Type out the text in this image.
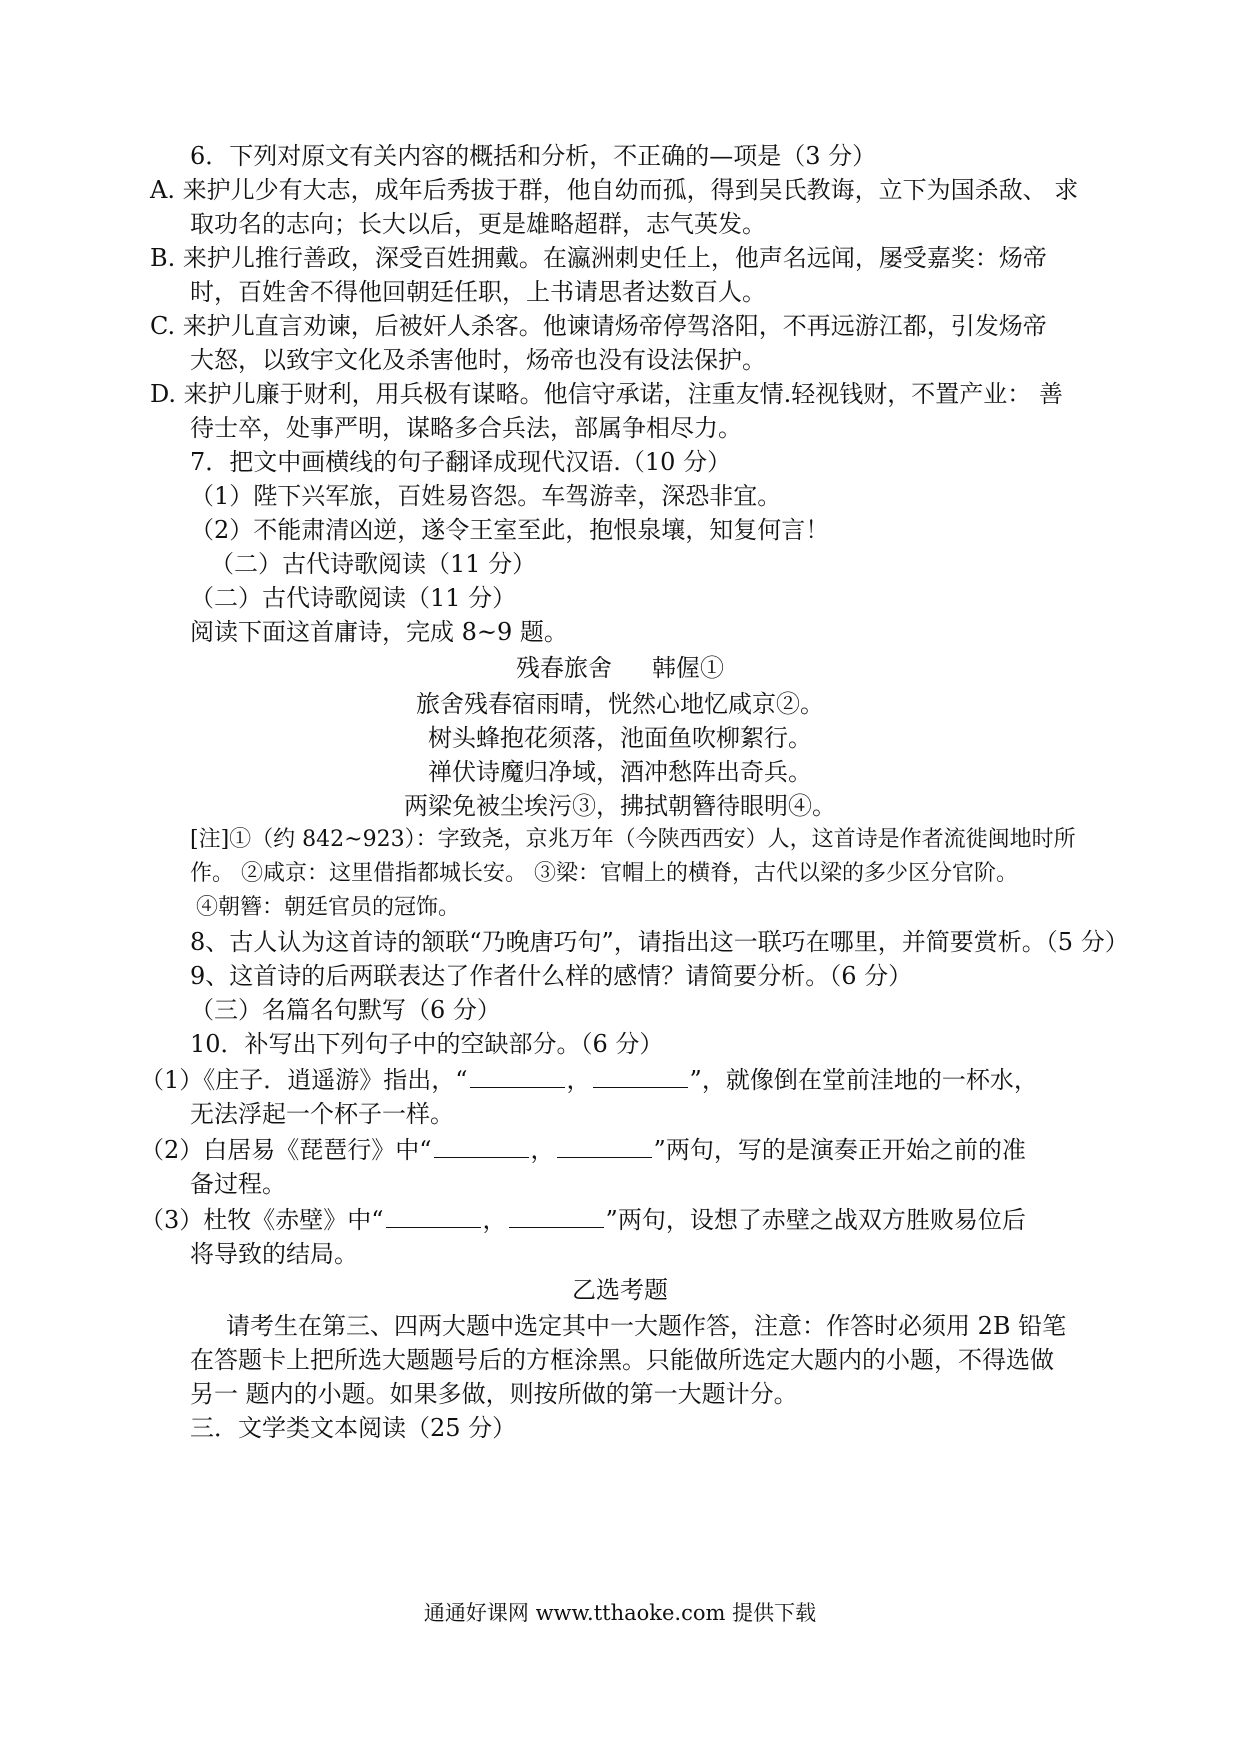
6．下列对原文有关内容的概括和分析，不正确的—项是（3 分）
A. 来护儿少有大志，成年后秀拔于群，他自幼而孤，得到吴氏教诲，立下为国杀敌、 求
取功名的志向；长大以后，更是雄略超群，志气英发。
B. 来护儿推行善政，深受百姓拥戴。在瀛洲刺史任上，他声名远闻，屡受嘉奖：炀帝
时，百姓舍不得他回朝廷任职，上书请思者达数百人。
C. 来护儿直言劝谏，后被奸人杀客。他谏请炀帝停驾洛阳，不再远游江都，引发炀帝
大怒，以致宇文化及杀害他时，炀帝也没有设法保护。
D. 来护儿廉于财利，用兵极有谋略。他信守承诺，注重友情.轻视钱财，不置产业： 善
待士卒，处事严明，谋略多合兵法，部属争相尽力。
7．把文中画横线的句子翻译成现代汉语.（10 分）
（1）陛下兴军旅，百姓易咨怨。车驾游幸，深恐非宜。
（2）不能肃清凶逆，遂令王室至此，抱恨泉壤，知复何言！
（二）古代诗歌阅读（11 分）
（二）古代诗歌阅读（11 分）
阅读下面这首庸诗，完成 8~9 题。
残春旅舍 韩偓①
旅舍残春宿雨晴，恍然心地忆咸京②。
树头蜂抱花须落，池面鱼吹柳絮行。
禅伏诗魔归净域，酒冲愁阵出奇兵。
两梁免被尘埃污③，拂拭朝簪待眼明④。
[注]①（约 842~923）：字致尧，京兆万年（今陕西西安）人，这首诗是作者流徙闽地时所
作。 ②咸京：这里借指都城长安。 ③梁：官帽上的横脊，古代以梁的多少区分官阶。
④朝簪：朝廷官员的冠饰。
8、古人认为这首诗的颔联“乃晚唐巧句”，请指出这一联巧在哪里，并简要赏析。（5 分）
9、这首诗的后两联表达了作者什么样的感情？请简要分析。（6 分）
（三）名篇名句默写（6 分）
10．补写出下列句子中的空缺部分。（6 分）
（1）《庄子．逍遥游》指出，“	，	”，就像倒在堂前洼地的一杯水，
无法浮起一个杯子一样。
（2）白居易《琵琶行》中“	，	”两句，写的是演奏正开始之前的准
备过程。
（3）杜牧《赤壁》中“	，	”两句，设想了赤壁之战双方胜败易位后
将导致的结局。
乙选考题
请考生在第三、四两大题中选定其中一大题作答，注意：作答时必须用 2B 铅笔
在答题卡上把所选大题题号后的方框涂黑。只能做所选定大题内的小题，不得选做
另一 题内的小题。如果多做，则按所做的第一大题计分。
三．文学类文本阅读（25 分）
通通好课网 www.tthaoke.com 提供下载
